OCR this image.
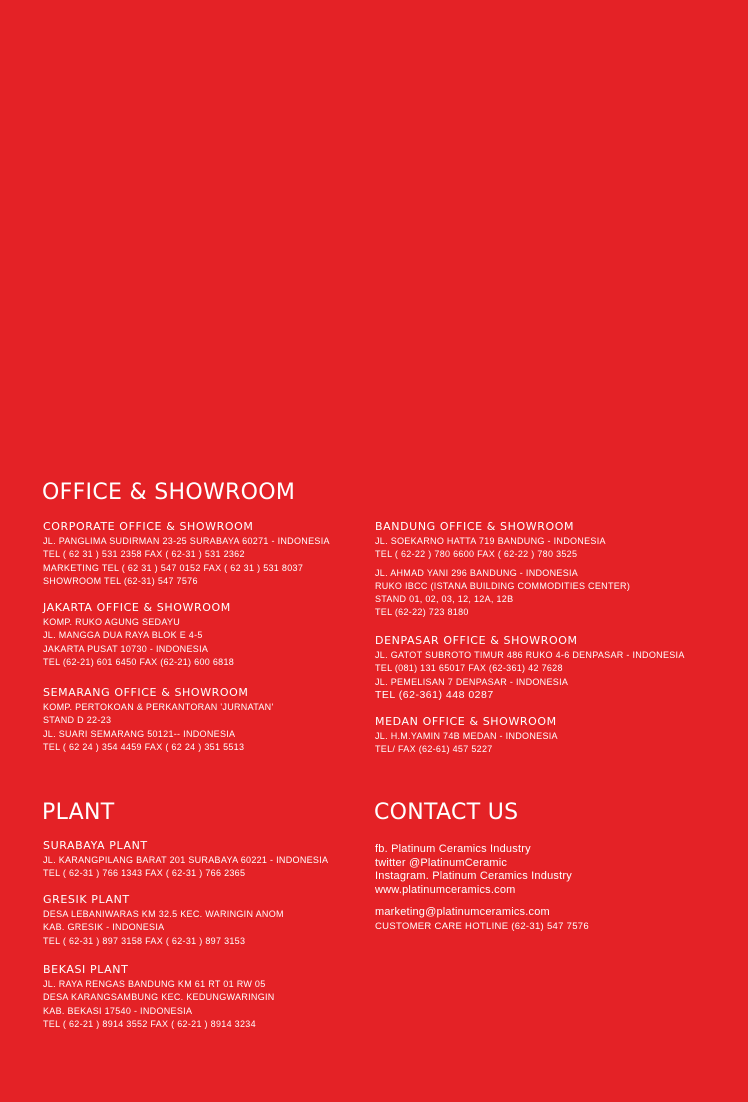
OFFICE & SHOWROOM
CORPORATE OFFICE & SHOWROOM
JL. PANGLIMA SUDIRMAN 23-25 SURABAYA 60271 - INDONESIA
TEL ( 62 31 ) 531 2358 FAX ( 62-31 ) 531 2362
MARKETING TEL ( 62 31 ) 547 0152 FAX ( 62 31 ) 531 8037
SHOWROOM TEL (62-31) 547 7576
JAKARTA OFFICE & SHOWROOM
KOMP. RUKO AGUNG SEDAYU
JL. MANGGA DUA RAYA BLOK E 4-5
JAKARTA PUSAT 10730 - INDONESIA
TEL (62-21) 601 6450 FAX (62-21) 600 6818
SEMARANG OFFICE & SHOWROOM
KOMP. PERTOKOAN & PERKANTORAN 'JURNATAN'
STAND D 22-23
JL. SUARI SEMARANG 50121-- INDONESIA
TEL ( 62 24 ) 354 4459 FAX ( 62 24 ) 351 5513
BANDUNG OFFICE & SHOWROOM
JL. SOEKARNO HATTA 719 BANDUNG - INDONESIA
TEL ( 62-22 ) 780 6600 FAX ( 62-22 ) 780 3525
JL. AHMAD YANI 296 BANDUNG - INDONESIA
RUKO IBCC (ISTANA BUILDING COMMODITIES CENTER)
STAND 01, 02, 03, 12, 12A, 12B
TEL (62-22) 723 8180
DENPASAR OFFICE & SHOWROOM
JL. GATOT SUBROTO TIMUR 486 RUKO 4-6 DENPASAR - INDONESIA
TEL (081) 131 65017 FAX (62-361) 42 7628
JL. PEMELISAN 7 DENPASAR - INDONESIA
TEL (62-361) 448 0287
MEDAN OFFICE & SHOWROOM
JL. H.M.YAMIN 74B MEDAN - INDONESIA
TEL/ FAX (62-61) 457 5227
PLANT
SURABAYA PLANT
JL. KARANGPILANG BARAT 201 SURABAYA 60221 - INDONESIA
TEL ( 62-31 ) 766 1343 FAX ( 62-31 ) 766 2365
GRESIK PLANT
DESA LEBANIWARAS KM 32.5 KEC. WARINGIN ANOM
KAB. GRESIK - INDONESIA
TEL ( 62-31 ) 897 3158 FAX ( 62-31 ) 897 3153
BEKASI PLANT
JL. RAYA RENGAS BANDUNG KM 61 RT 01 RW 05
DESA KARANGSAMBUNG KEC. KEDUNGWARINGIN
KAB. BEKASI 17540 - INDONESIA
TEL ( 62-21 ) 8914 3552 FAX ( 62-21 ) 8914 3234
CONTACT US
fb. Platinum Ceramics Industry
twitter @PlatinumCeramic
Instagram. Platinum Ceramics Industry
www.platinumceramics.com
marketing@platinumceramics.com
CUSTOMER CARE HOTLINE (62-31) 547 7576
